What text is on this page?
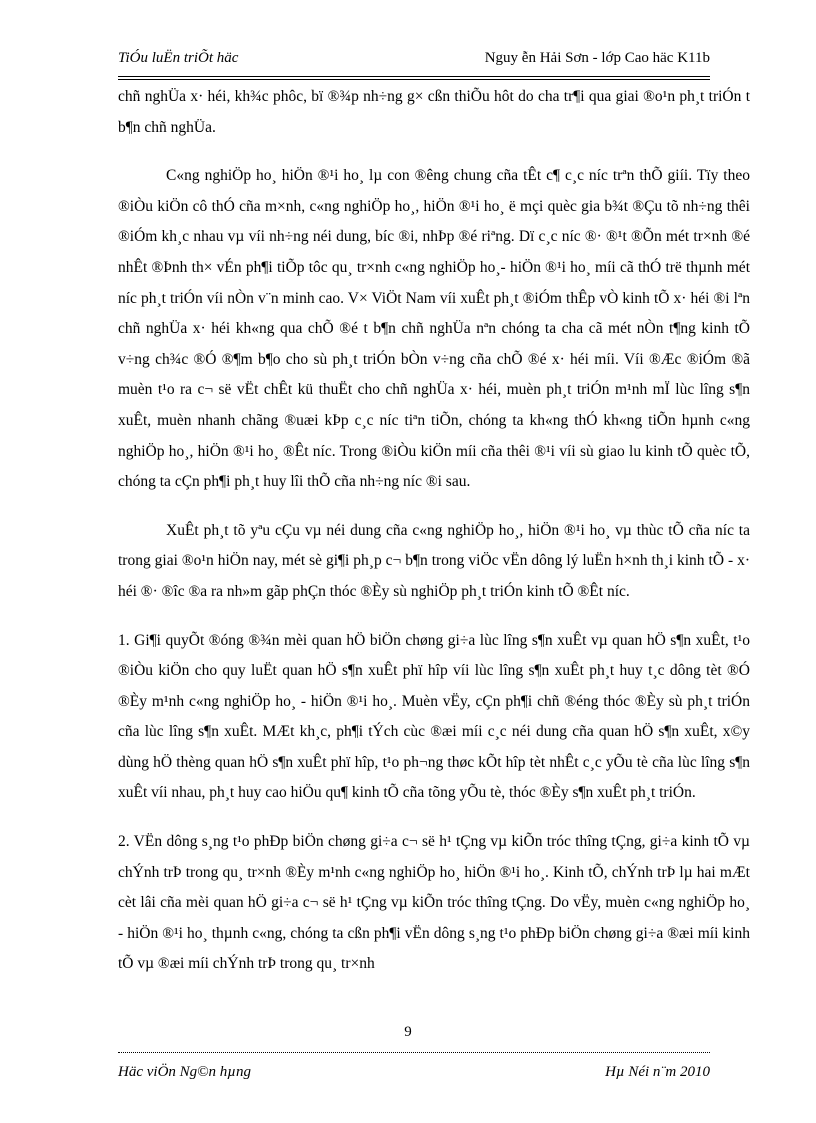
TiÓu luËn triÕt häc	Nguy ễn Hải Sơn - lớp Cao häc K11b

chñ nghÜa x· héi, kh¾c phôc, bï ®¾p nh÷ng g× cßn thiÕu hôt do cha tr¶i qua giai ®o¹n ph¸t triÓn t b¶n chñ nghÜa.

C«ng nghiÖp ho¸ hiÖn ®¹i ho¸ lµ con ®êng chung cña tÊt c¶ c¸c níc trªn thÕ giíi. Tïy theo ®iÒu kiÖn cô thÓ cña m×nh, c«ng nghiÖp ho¸, hiÖn ®¹i ho¸ ë mçi quèc gia b¾t ®Çu tõ nh÷ng thêi ®iÓm kh¸c nhau vµ víi nh÷ng néi dung, bíc ®i, nhÞp ®é riªng. Dï c¸c níc ®· ®¹t ®Õn mét tr×nh ®é nhÊt ®Þnh th× vÉn ph¶i tiÕp tôc qu¸ tr×nh c«ng nghiÖp ho¸- hiÖn ®¹i ho¸ míi cã thÓ trë thµnh mét níc ph¸t triÓn víi nÒn v¨n minh cao. V× ViÖt Nam víi xuÊt ph¸t ®iÓm thÊp vÒ kinh tÕ x· héi ®i lªn chñ nghÜa x· héi kh«ng qua chÕ ®é t b¶n chñ nghÜa nªn chóng ta cha cã mét nÒn t¶ng kinh tÕ v÷ng ch¾c ®Ó ®¶m b¶o cho sù ph¸t triÓn bÒn v÷ng cña chÕ ®é x· héi míi. Víi ®Æc ®iÓm ®ã muèn t¹o ra c¬ së vËt chÊt kü thuËt cho chñ nghÜa x· héi, muèn ph¸t triÓn m¹nh mÏ lùc lîng s¶n xuÊt, muèn nhanh chãng ®uæi kÞp c¸c níc tiªn tiÕn, chóng ta kh«ng thÓ kh«ng tiÕn hµnh c«ng nghiÖp ho¸, hiÖn ®¹i ho¸ ®Êt níc. Trong ®iÒu kiÖn míi cña thêi ®¹i víi sù giao lu kinh tÕ quèc tÕ, chóng ta cÇn ph¶i ph¸t huy lîi thÕ cña nh÷ng níc ®i sau.

XuÊt ph¸t tõ yªu cÇu vµ néi dung cña c«ng nghiÖp ho¸, hiÖn ®¹i ho¸ vµ thùc tÕ cña níc ta trong giai ®o¹n hiÖn nay, mét sè gi¶i ph¸p c¬ b¶n trong viÖc vËn dông lý luËn h×nh th¸i kinh tÕ - x· héi ®· ®îc ®a ra nh»m gãp phÇn thóc ®Èy sù nghiÖp ph¸t triÓn kinh tÕ ®Êt níc.

1. Gi¶i quyÕt ®óng ®¾n mèi quan hÖ biÖn chøng gi÷a lùc lîng s¶n xuÊt vµ quan hÖ s¶n xuÊt, t¹o ®iÒu kiÖn cho quy luËt quan hÖ s¶n xuÊt phï hîp víi lùc lîng s¶n xuÊt ph¸t huy t¸c dông tèt ®Ó ®Èy m¹nh c«ng nghiÖp ho¸ - hiÖn ®¹i ho¸. Muèn vËy, cÇn ph¶i chñ ®éng thóc ®Èy sù ph¸t triÓn cña lùc lîng s¶n xuÊt. MÆt kh¸c, ph¶i tÝch cùc ®æi míi c¸c néi dung cña quan hÖ s¶n xuÊt, x©y dùng hÖ thèng quan hÖ s¶n xuÊt phï hîp, t¹o ph¬ng thøc kÕt hîp tèt nhÊt c¸c yÕu tè cña lùc lîng s¶n xuÊt víi nhau, ph¸t huy cao hiÖu qu¶ kinh tÕ cña tõng yÕu tè, thóc ®Èy s¶n xuÊt ph¸t triÓn.

2. VËn dông s¸ng t¹o phÐp biÖn chøng gi÷a c¬ së h¹ tÇng vµ kiÕn tróc thîng tÇng, gi÷a kinh tÕ vµ chÝnh trÞ trong qu¸ tr×nh ®Èy m¹nh c«ng nghiÖp ho¸ hiÖn ®¹i ho¸. Kinh tÕ, chÝnh trÞ lµ hai mÆt cèt lâi cña mèi quan hÖ gi÷a c¬ së h¹ tÇng vµ kiÕn tróc thîng tÇng. Do vËy, muèn c«ng nghiÖp ho¸ - hiÖn ®¹i ho¸ thµnh c«ng, chóng ta cßn ph¶i vËn dông s¸ng t¹o phÐp biÖn chøng gi÷a ®æi míi kinh tÕ vµ ®æi míi chÝnh trÞ trong qu¸ tr×nh

9
Häc viÖn Ng©n hµng	Hµ Néi n¨m 2010
